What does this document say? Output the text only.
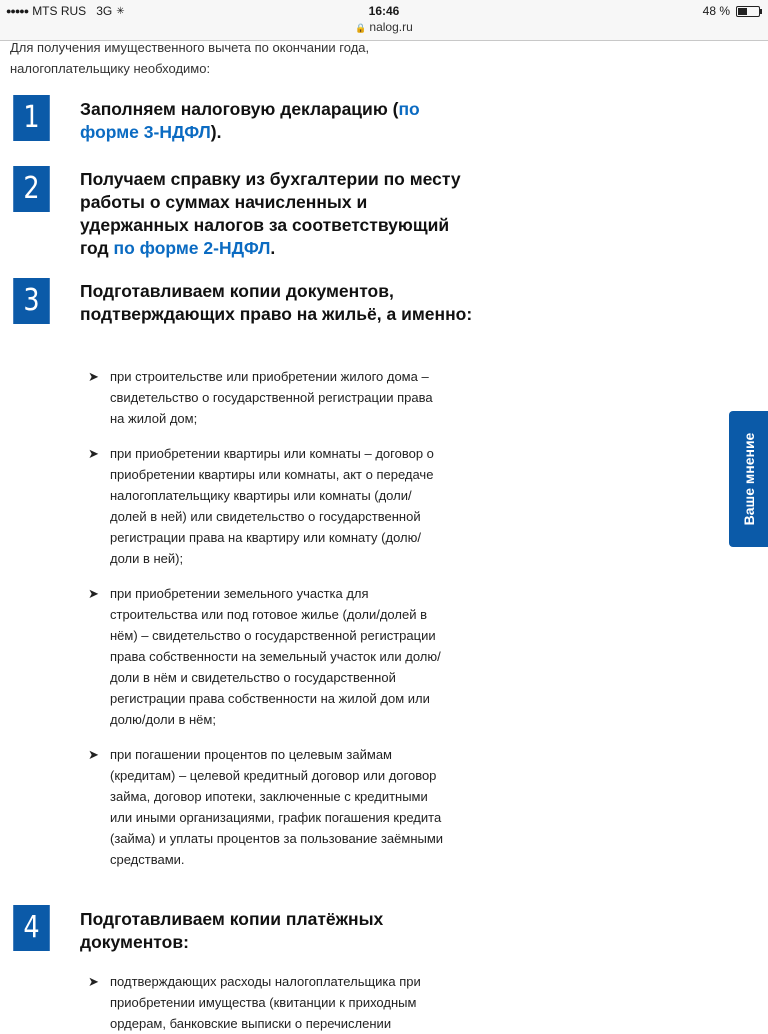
●●●●● MTS RUS 3G ✳	16:46	48 %
🔒 nalog.ru
Для получения имущественного вычета по окончании года, налогоплательщику необходимо:
1	Заполняем налоговую декларацию (по форме 3-НДФЛ).
2	Получаем справку из бухгалтерии по месту работы о суммах начисленных и удержанных налогов за соответствующий год по форме 2-НДФЛ.
3	Подготавливаем копии документов, подтверждающих право на жильё, а именно:
➤ при строительстве или приобретении жилого дома – свидетельство о государственной регистрации права на жилой дом;
➤ при приобретении квартиры или комнаты – договор о приобретении квартиры или комнаты, акт о передаче налогоплательщику квартиры или комнаты (доли/долей в ней) или свидетельство о государственной регистрации права на квартиру или комнату (долю/доли в ней);
➤ при приобретении земельного участка для строительства или под готовое жилье (доли/долей в нём) – свидетельство о государственной регистрации права собственности на земельный участок или долю/доли в нём и свидетельство о государственной регистрации права собственности на жилой дом или долю/доли в нём;
➤ при погашении процентов по целевым займам (кредитам) – целевой кредитный договор или договор займа, договор ипотеки, заключенные с кредитными или иными организациями, график погашения кредита (займа) и уплаты процентов за пользование заёмными средствами.
4	Подготавливаем копии платёжных документов:
➤ подтверждающих расходы налогоплательщика при приобретении имущества (квитанции к приходным ордерам, банковские выписки о перечислении
Ваше мнение
